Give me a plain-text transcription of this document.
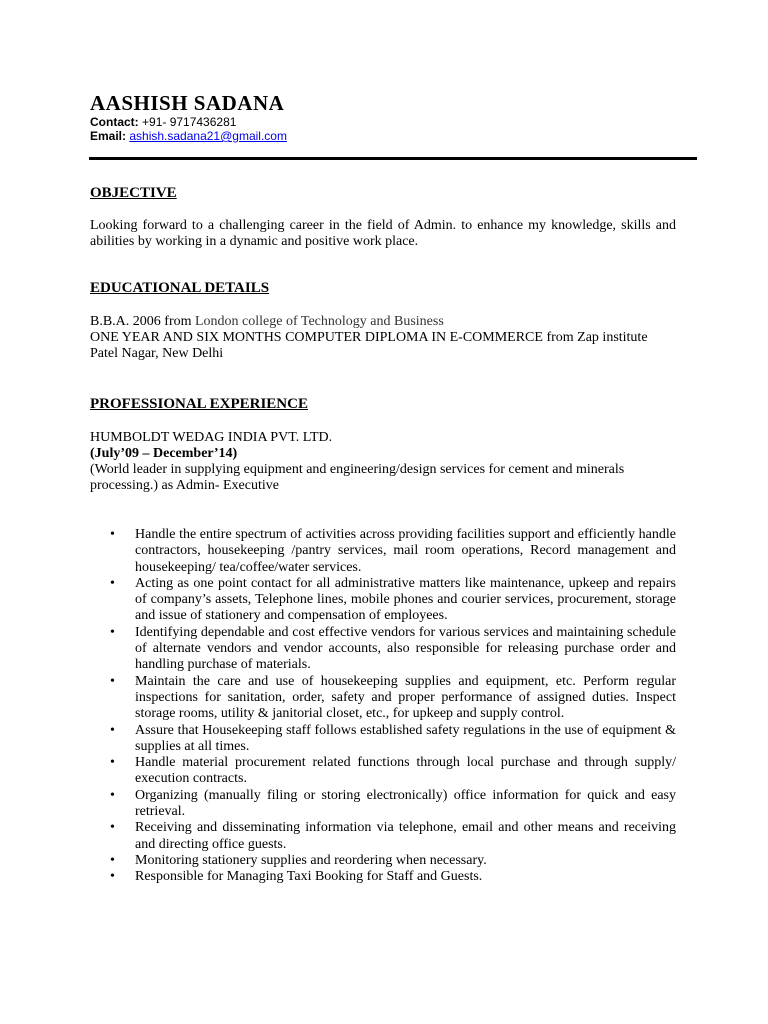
AASHISH SADANA
Contact: +91- 9717436281
Email: ashish.sadana21@gmail.com
OBJECTIVE
Looking forward to a challenging career in the field of Admin. to enhance my knowledge, skills and abilities by working in a dynamic and positive work place.
EDUCATIONAL DETAILS
B.B.A. 2006 from London college of Technology and Business
ONE YEAR AND SIX MONTHS COMPUTER DIPLOMA IN E-COMMERCE from Zap institute Patel Nagar, New Delhi
PROFESSIONAL EXPERIENCE
HUMBOLDT WEDAG INDIA PVT. LTD.
(July’09 – December’14)
(World leader in supplying equipment and engineering/design services for cement and minerals processing.) as Admin- Executive
• Handle the entire spectrum of activities across providing facilities support and efficiently handle contractors, housekeeping /pantry services, mail room operations, Record management and housekeeping/ tea/coffee/water services.
• Acting as one point contact for all administrative matters like maintenance, upkeep and repairs of company’s assets, Telephone lines, mobile phones and courier services, procurement, storage and issue of stationery and compensation of employees.
• Identifying dependable and cost effective vendors for various services and maintaining schedule of alternate vendors and vendor accounts, also responsible for releasing purchase order and handling purchase of materials.
• Maintain the care and use of housekeeping supplies and equipment, etc. Perform regular inspections for sanitation, order, safety and proper performance of assigned duties. Inspect storage rooms, utility & janitorial closet, etc., for upkeep and supply control.
• Assure that Housekeeping staff follows established safety regulations in the use of equipment & supplies at all times.
• Handle material procurement related functions through local purchase and through supply/ execution contracts.
• Organizing (manually filing or storing electronically) office information for quick and easy retrieval.
• Receiving and disseminating information via telephone, email and other means and receiving and directing office guests.
• Monitoring stationery supplies and reordering when necessary.
• Responsible for Managing Taxi Booking for Staff and Guests.
